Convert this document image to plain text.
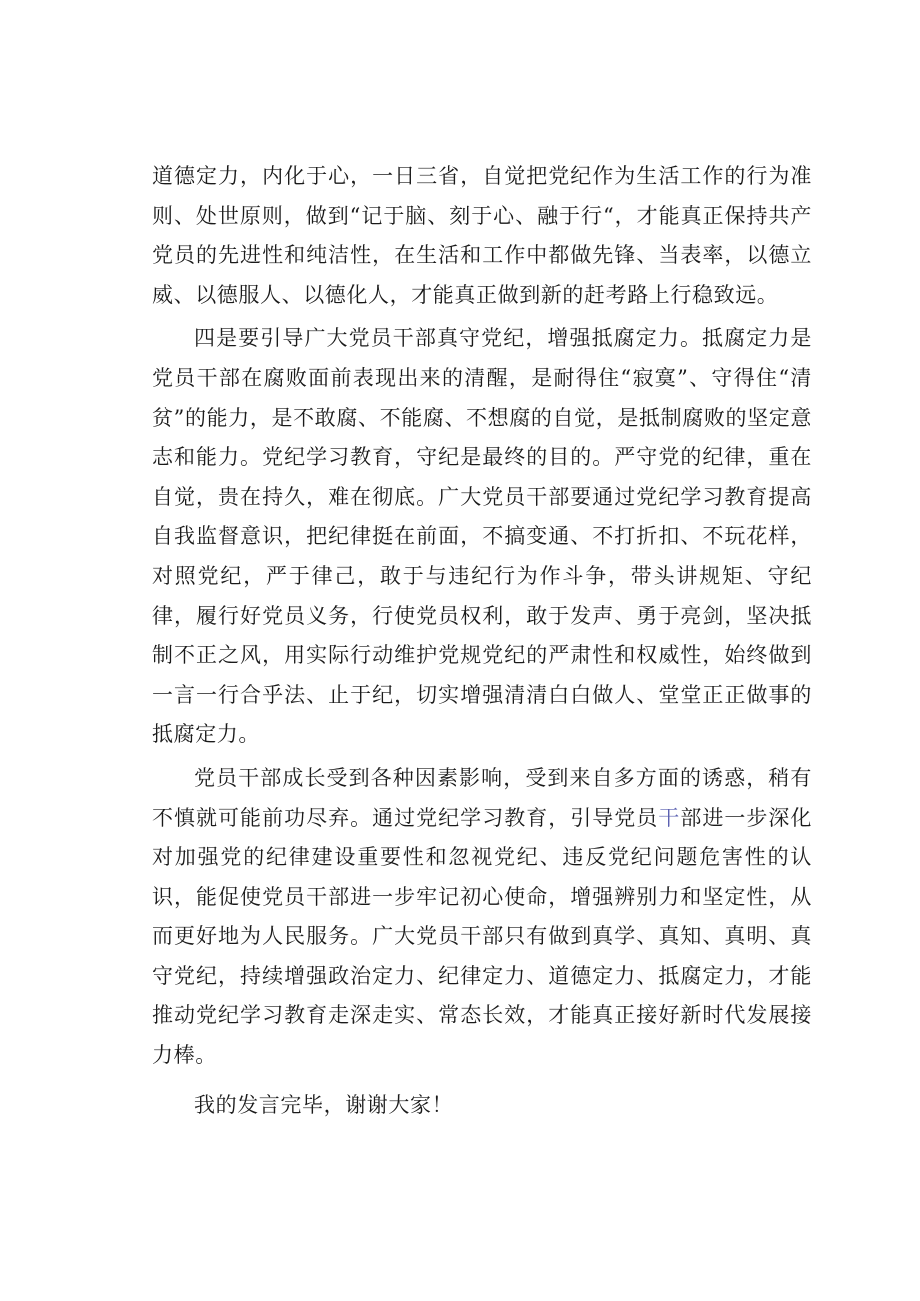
道德定力，内化于心，一日三省，自觉把党纪作为生活工作的行为准则、处世原则，做到“记于脑、刻于心、融于行“，才能真正保持共产党员的先进性和纯洁性，在生活和工作中都做先锋、当表率，以德立威、以德服人、以德化人，才能真正做到新的赶考路上行稳致远。

四是要引导广大党员干部真守党纪，增强抵腐定力。抵腐定力是党员干部在腐败面前表现出来的清醒，是耐得住“寂寞”、守得住“清贫”的能力，是不敢腐、不能腐、不想腐的自觉，是抵制腐败的坚定意志和能力。党纪学习教育，守纪是最终的目的。严守党的纪律，重在自觉，贵在持久，难在彻底。广大党员干部要通过党纪学习教育提高自我监督意识，把纪律挺在前面，不搞变通、不打折扣、不玩花样，对照党纪，严于律己，敢于与违纪行为作斗争，带头讲规矩、守纪律，履行好党员义务，行使党员权利，敢于发声、勇于亮剑，坚决抵制不正之风，用实际行动维护党规党纪的严肃性和权威性，始终做到一言一行合乎法、止于纪，切实增强清清白白做人、堂堂正正做事的抵腐定力。

党员干部成长受到各种因素影响，受到来自多方面的诱惑，稍有不慎就可能前功尽弃。通过党纪学习教育，引导党员干部进一步深化对加强党的纪律建设重要性和忽视党纪、违反党纪问题危害性的认识，能促使党员干部进一步牢记初心使命，增强辨别力和坚定性，从而更好地为人民服务。广大党员干部只有做到真学、真知、真明、真守党纪，持续增强政治定力、纪律定力、道德定力、抵腐定力，才能推动党纪学习教育走深走实、常态长效，才能真正接好新时代发展接力棒。

我的发言完毕，谢谢大家！
